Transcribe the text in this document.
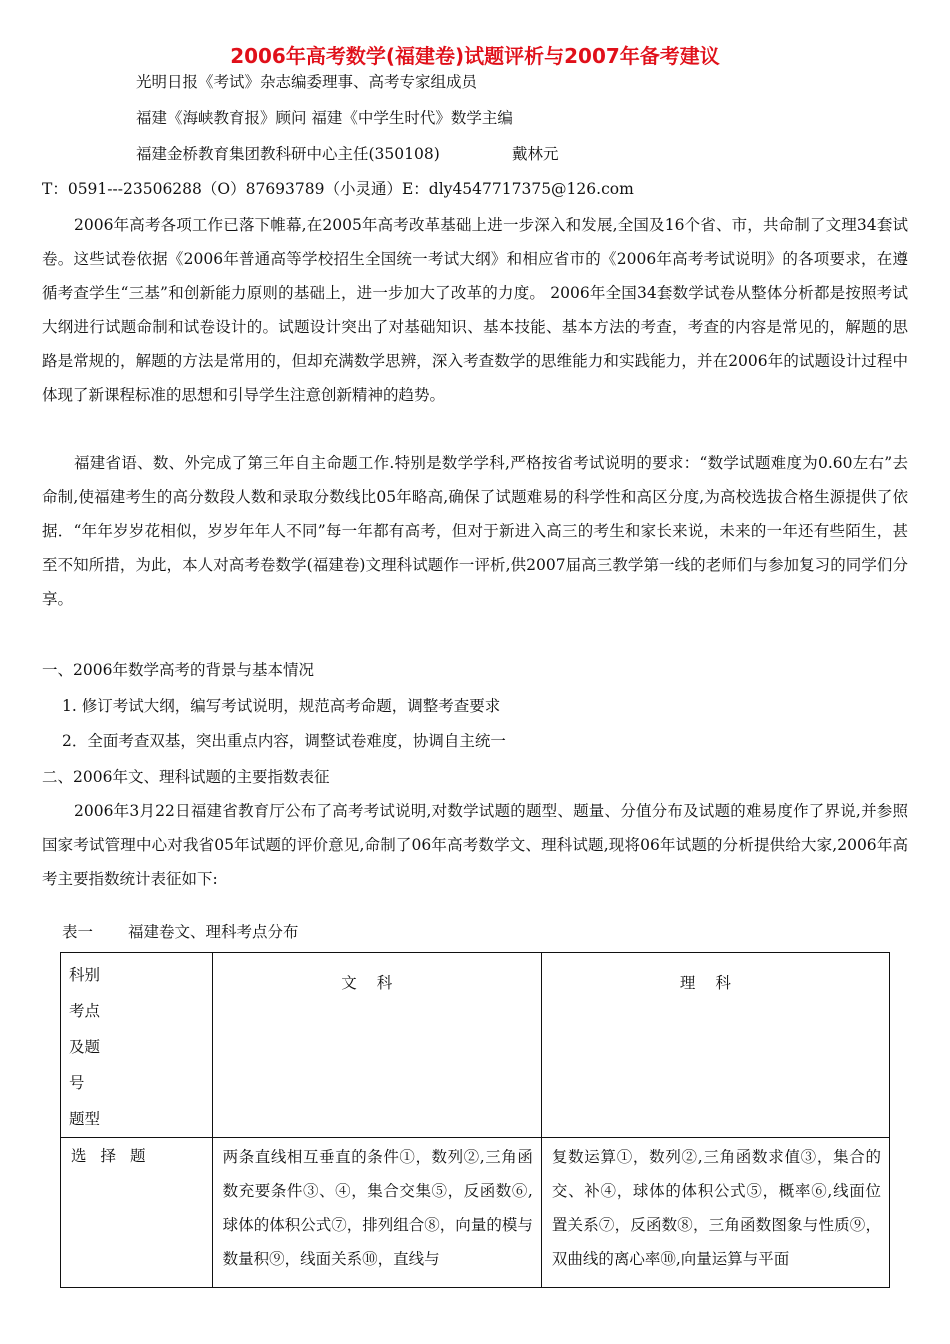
2006年高考数学(福建卷)试题评析与2007年备考建议
光明日报《考试》杂志编委理事、高考专家组成员
福建《海峡教育报》顾问 福建《中学生时代》数学主编
福建金桥教育集团教科研中心主任(350108)	戴林元
T：0591---23506288（O）87693789（小灵通）E：dly4547717375@126.com
2006年高考各项工作已落下帷幕,在2005年高考改革基础上进一步深入和发展,全国及16个省、市，共命制了文理34套试卷。这些试卷依据《2006年普通高等学校招生全国统一考试大纲》和相应省市的《2006年高考考试说明》的各项要求，在遵循考查学生“三基”和创新能力原则的基础上，进一步加大了改革的力度。 2006年全国34套数学试卷从整体分析都是按照考试大纲进行试题命制和试卷设计的。试题设计突出了对基础知识、基本技能、基本方法的考查，考查的内容是常见的，解题的思路是常规的，解题的方法是常用的，但却充满数学思辨，深入考查数学的思维能力和实践能力，并在2006年的试题设计过程中体现了新课程标准的思想和引导学生注意创新精神的趋势。
福建省语、数、外完成了第三年自主命题工作.特别是数学学科,严格按省考试说明的要求：“数学试题难度为0.60左右”去命制,使福建考生的高分数段人数和录取分数线比05年略高,确保了试题难易的科学性和高区分度,为高校选拔合格生源提供了依据．“年年岁岁花相似，岁岁年年人不同”每一年都有高考，但对于新进入高三的考生和家长来说，未来的一年还有些陌生，甚至不知所措，为此，本人对高考卷数学(福建卷)文理科试题作一评析,供2007届高三教学第一线的老师们与参加复习的同学们分享。
一、2006年数学高考的背景与基本情况
1. 修订考试大纲，编写考试说明，规范高考命题，调整考查要求
2．全面考查双基，突出重点内容，调整试卷难度，协调自主统一
二、2006年文、理科试题的主要指数表征
2006年3月22日福建省教育厅公布了高考考试说明,对数学试题的题型、题量、分值分布及试题的难易度作了界说,并参照国家考试管理中心对我省05年试题的评价意见,命制了06年高考数学文、理科试题,现将06年试题的分析提供给大家,2006年高考主要指数统计表征如下:
表一 福建卷文、理科考点分布
科别
考点
及题
号
题型	文科	理科

选择题	两条直线相互垂直的条件①，数列②,三角函数充要条件③、④，集合交集⑤，反函数⑥,球体的体积公式⑦，排列组合⑧，向量的模与数量积⑨，线面关系⑩，直线与	复数运算①，数列②,三角函数求值③，集合的交、补④，球体的体积公式⑤，概率⑥,线面位置关系⑦，反函数⑧，三角函数图象与性质⑨，双曲线的离心率⑩,向量运算与平面
